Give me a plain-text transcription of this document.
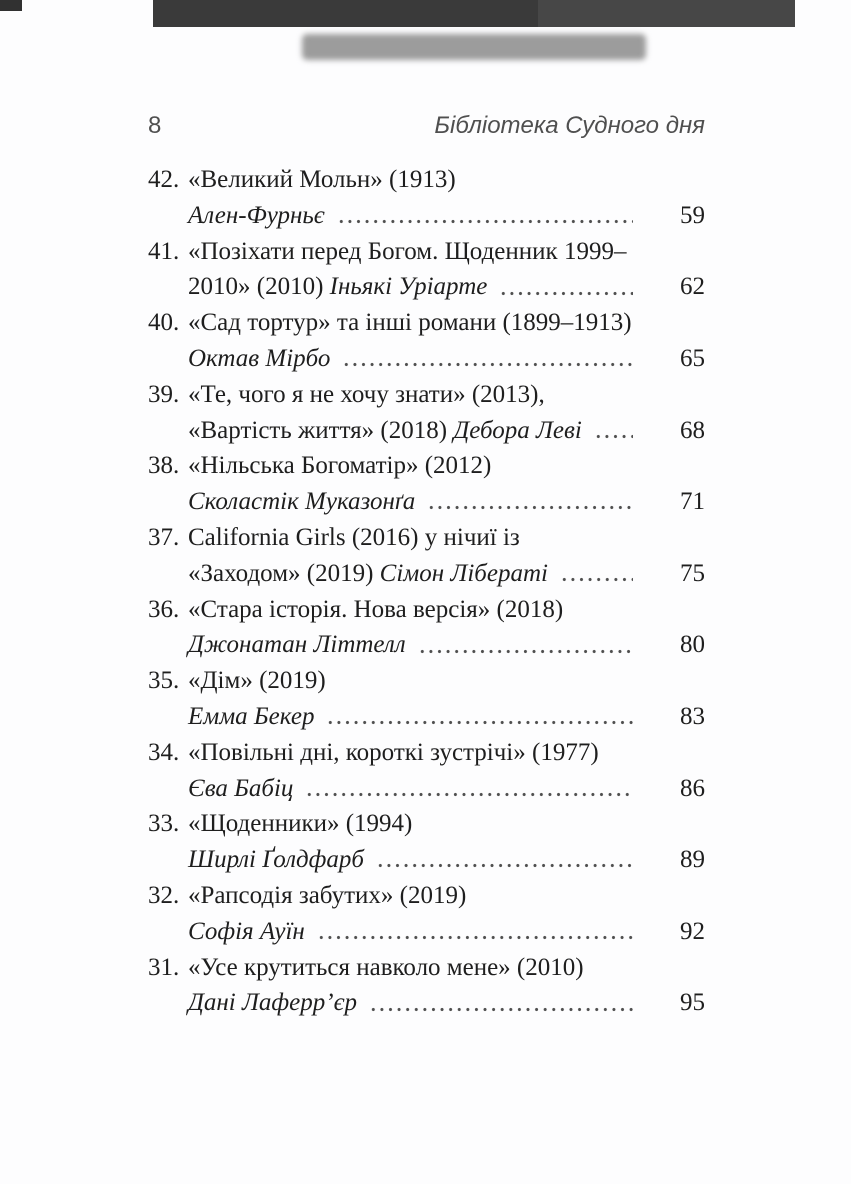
8	Бібліотека Судного дня
42. «Великий Мольн» (1913)
Ален-Фурньє	59
41. «Позіхати перед Богом. Щоденник 1999–
2010» (2010) Іньякі Уріарте	62
40. «Сад тортур» та інші романи (1899–1913)
Октав Мірбо	65
39. «Те, чого я не хочу знати» (2013),
«Вартість життя» (2018) Дебора Леві	68
38. «Нільська Богоматір» (2012)
Сколастік Муказонґа	71
37. California Girls (2016) у нічиї із
«Заходом» (2019) Сімон Лібераті	75
36. «Стара історія. Нова версія» (2018)
Джонатан Літтелл	80
35. «Дім» (2019)
Емма Бекер	83
34. «Повільні дні, короткі зустрічі» (1977)
Єва Бабіц	86
33. «Щоденники» (1994)
Ширлі Ґолдфарб	89
32. «Рапсодія забутих» (2019)
Софія Ауїн	92
31. «Усе крутиться навколо мене» (2010)
Дані Лаферр’єр	95
